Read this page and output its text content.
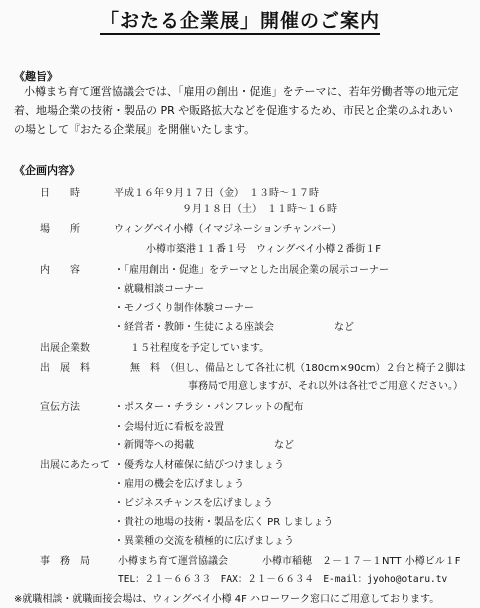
「おたる企業展」開催のご案内
《趣旨》
小樽まち育て運営協議会では、「雇用の創出・促進」をテーマに、若年労働者等の地元定
着、地場企業の技術・製品の PR や販路拡大などを促進するため、市民と企業のふれあい
の場として『おたる企業展』を開催いたします。
《企画内容》
日　　時	平成１６年９月１７日（金）　１３時～１７時
９月１８日（土）　１１時～１６時
場　　所	ウィングベイ小樽（イマジネーションチャンバー）
小樽市築港１１番１号　ウィングベイ小樽２番街１F
内　　容	・「雇用創出・促進」をテーマとした出展企業の展示コーナー
・就職相談コーナー
・モノづくり制作体験コーナー
・経営者・教師・生徒による座談会　　　　　　など
出展企業数	１５社程度を予定しています。
出　展　料	無　料　（但し、備品として各社に机（180cm×90cm）２台と椅子２脚は
事務局で用意しますが、それ以外は各社でご用意ください。）
宣伝方法	・ポスター・チラシ・パンフレットの配布
・会場付近に看板を設置
・新聞等への掲載　　　　　　　　など
出展にあたって ・優秀な人材確保に結びつけましょう
・雇用の機会を広げましょう
・ビジネスチャンスを広げましょう
・貴社の地場の技術・製品を広く PR しましょう
・異業種の交流を積極的に広げましょう
事　務　局	小樽まち育て運営協議会	小樽市稲穂　２－１７－１NTT 小樽ビル１F
TEL：２１－６６３３　FAX：２１－６６３４　E-mail：jyoho@otaru.tv
※就職相談・就職面接会場は、ウィングベイ小樽 4F ハローワーク窓口にご用意しております。
